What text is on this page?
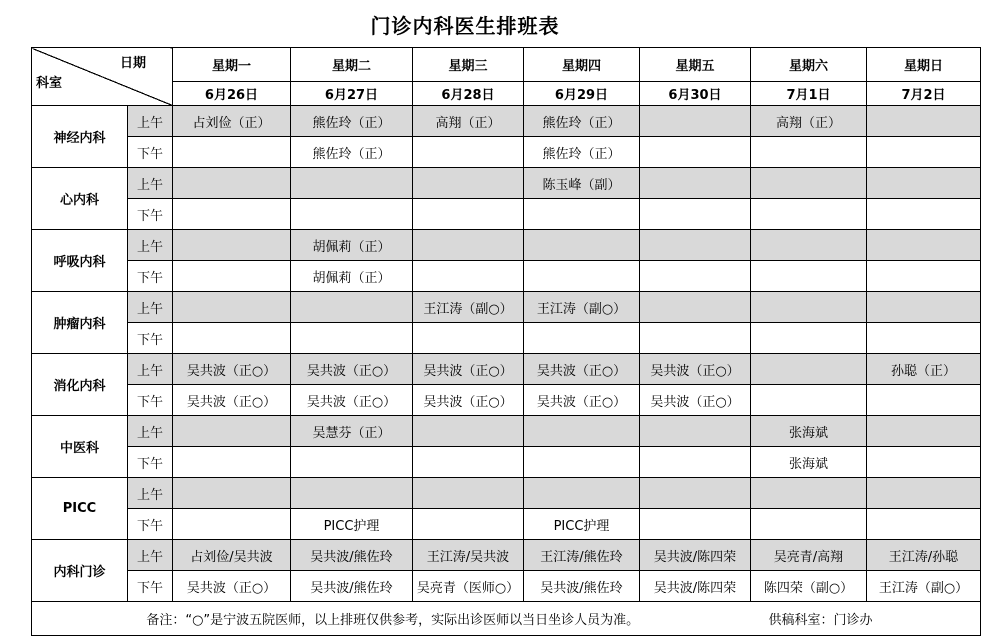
门诊内科医生排班表
日期
科室		星期一	星期二	星期三	星期四	星期五	星期六	星期日
		6月26日	6月27日	6月28日	6月29日	6月30日	7月1日	7月2日
神经内科	上午	占刘俭（正）	熊佐玲（正）	高翔（正）	熊佐玲（正）		高翔（正）	
	下午		熊佐玲（正）		熊佐玲（正）			
心内科	上午				陈玉峰（副）			
	下午							
呼吸内科	上午		胡佩莉（正）					
	下午		胡佩莉（正）					
肿瘤内科	上午			王江涛（副○）	王江涛（副○）			
	下午							
消化内科	上午	吴共波（正○）	吴共波（正○）	吴共波（正○）	吴共波（正○）	吴共波（正○）		孙聪（正）
	下午	吴共波（正○）	吴共波（正○）	吴共波（正○）	吴共波（正○）	吴共波（正○）		
中医科	上午		吴慧芬（正）				张海斌	
	下午						张海斌	
PICC	上午							
	下午		PICC护理		PICC护理			
内科门诊	上午	占刘俭/吴共波	吴共波/熊佐玲	王江涛/吴共波	王江涛/熊佐玲	吴共波/陈四荣	吴亮青/高翔	王江涛/孙聪
	下午	吴共波（正○）	吴共波/熊佐玲	吴亮青（医师○）	吴共波/熊佐玲	吴共波/陈四荣	陈四荣（副○）	王江涛（副○）
备注：“○”是宁波五院医师，以上排班仅供参考，实际出诊医师以当日坐诊人员为准。							供稿科室：门诊办	
